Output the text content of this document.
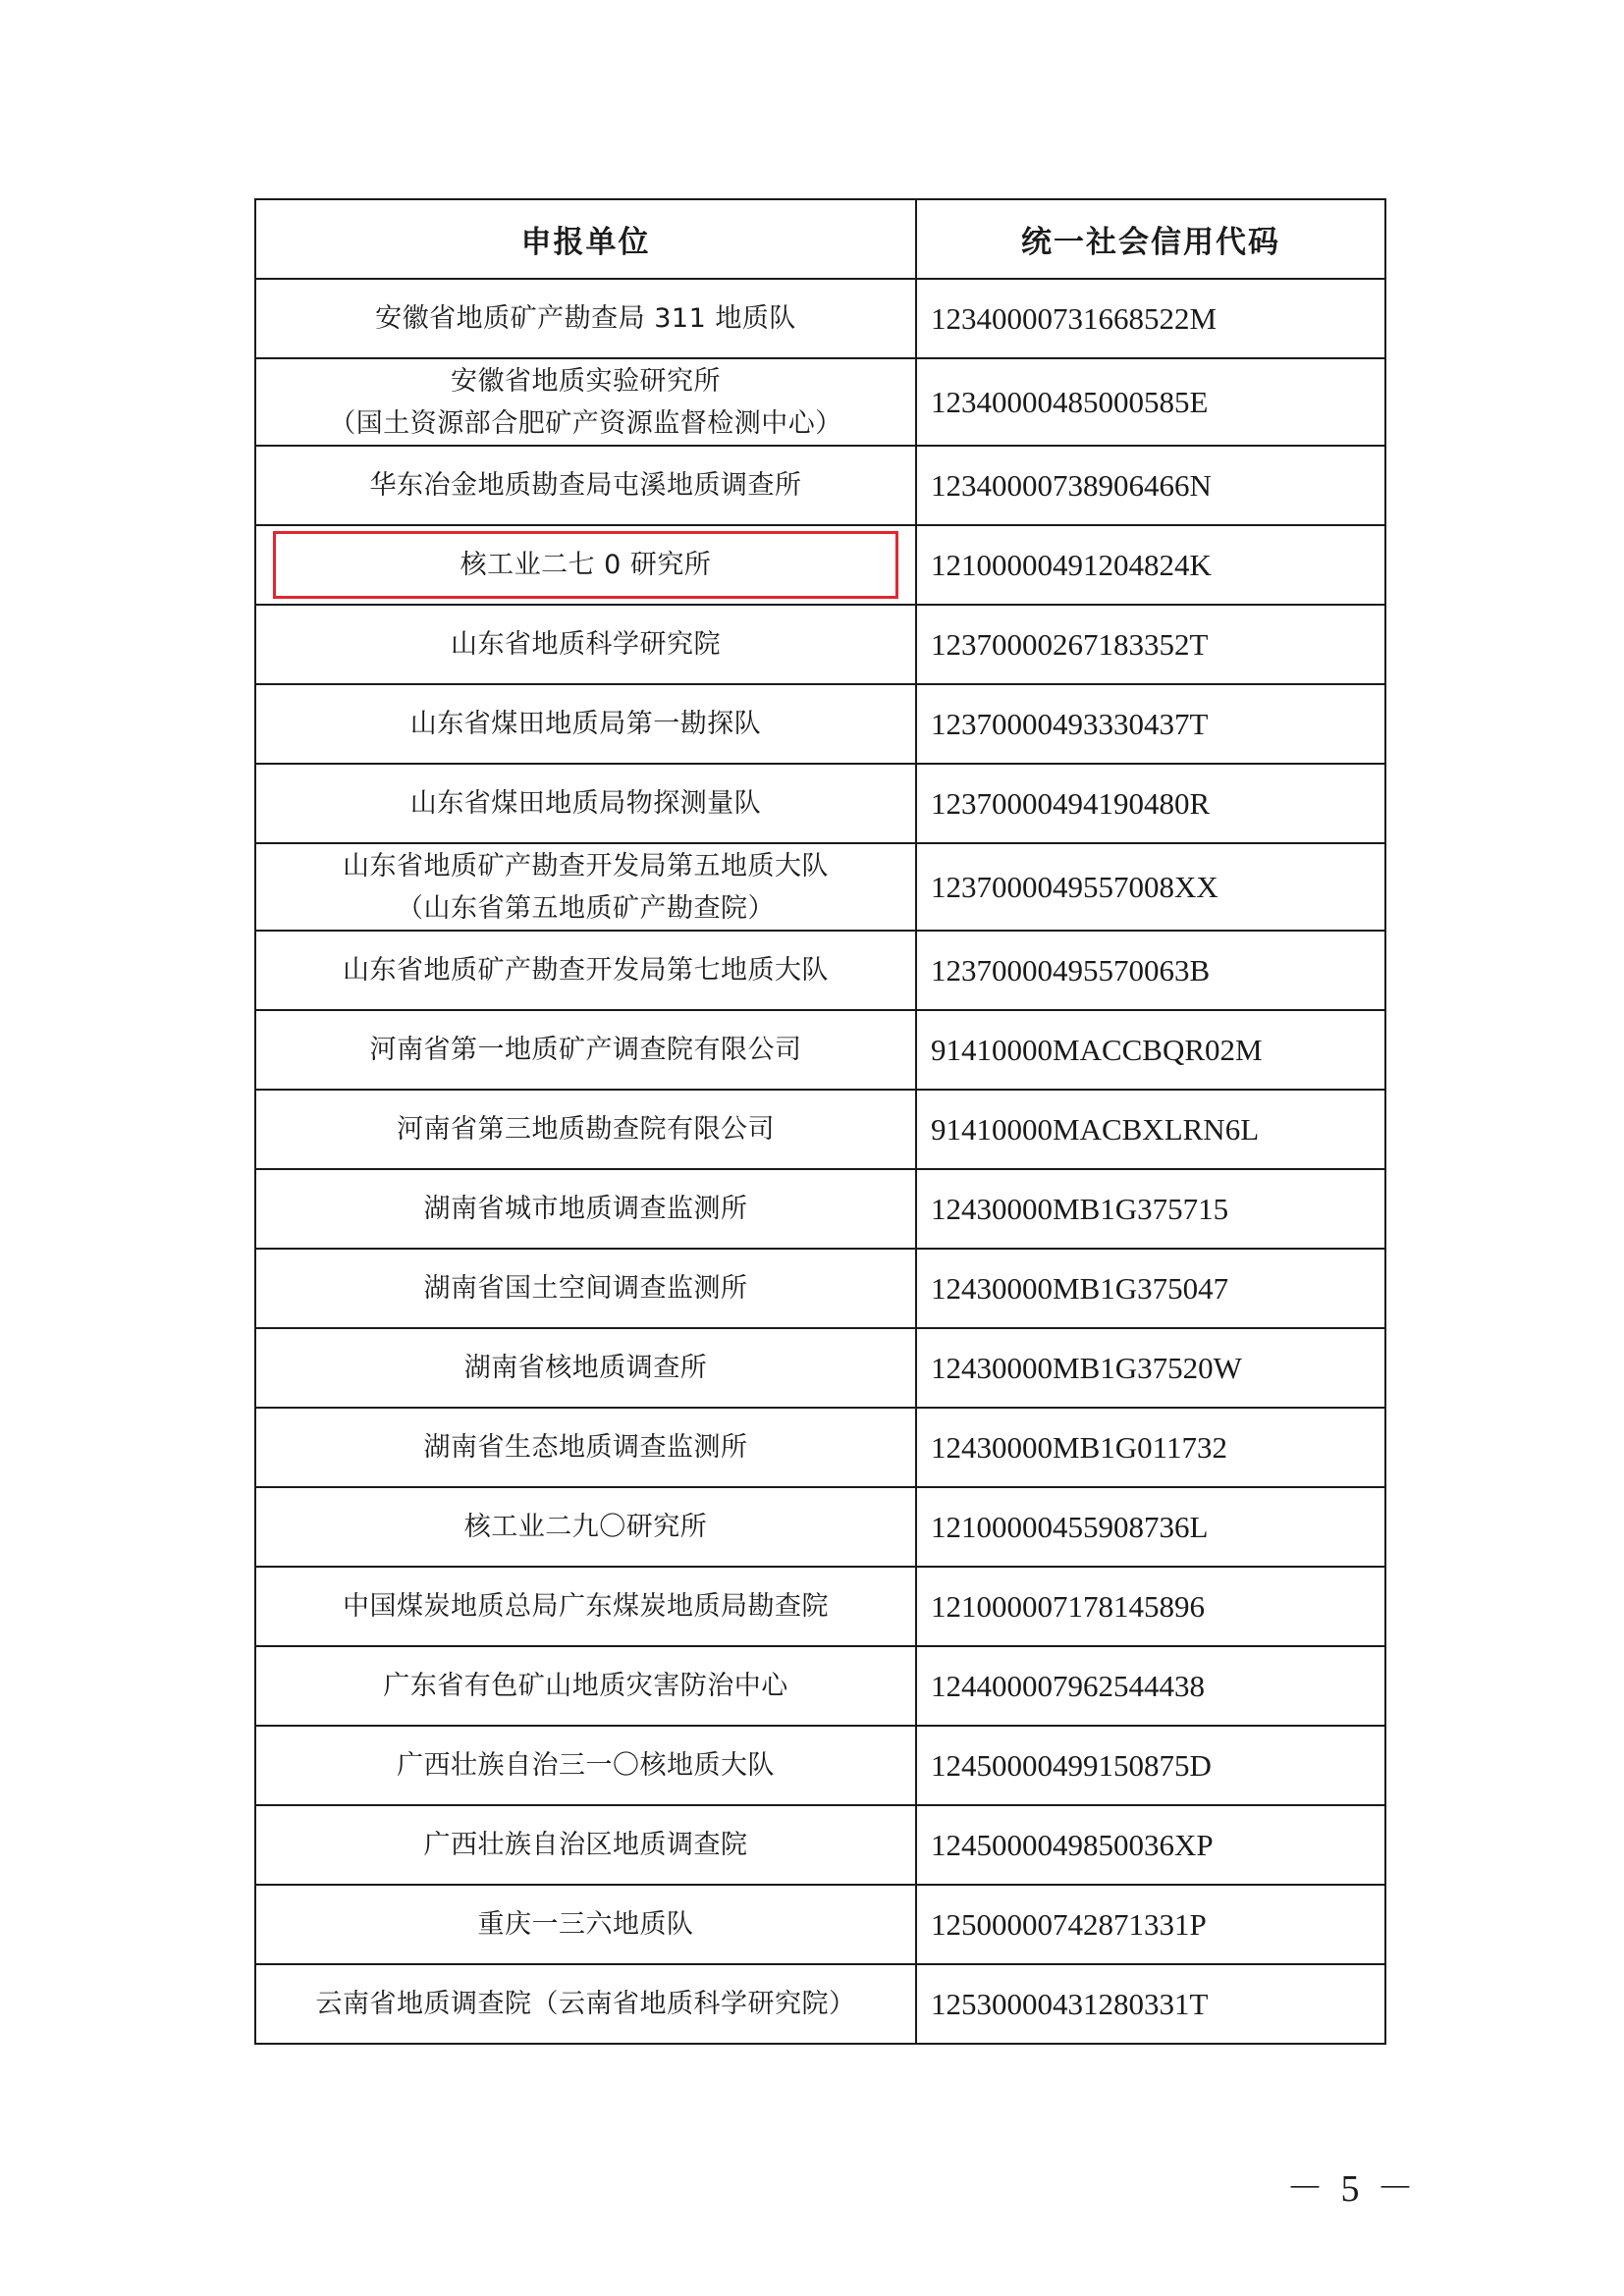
申报单位	统一社会信用代码

安徽省地质矿产勘查局 311 地质队	12340000731668522M

安徽省地质实验研究所
（国土资源部合肥矿产资源监督检测中心）	12340000485000585E

华东冶金地质勘查局屯溪地质调查所	12340000738906466N

核工业二七 0 研究所	12100000491204824K

山东省地质科学研究院	12370000267183352T

山东省煤田地质局第一勘探队	12370000493330437T

山东省煤田地质局物探测量队	12370000494190480R

山东省地质矿产勘查开发局第五地质大队
（山东省第五地质矿产勘查院）	1237000049557008XX

山东省地质矿产勘查开发局第七地质大队	12370000495570063B

河南省第一地质矿产调查院有限公司	91410000MACCBQR02M

河南省第三地质勘查院有限公司	91410000MACBXLRN6L

湖南省城市地质调查监测所	12430000MB1G375715

湖南省国土空间调查监测所	12430000MB1G375047

湖南省核地质调查所	12430000MB1G37520W

湖南省生态地质调查监测所	12430000MB1G011732

核工业二九〇研究所	12100000455908736L

中国煤炭地质总局广东煤炭地质局勘查院	121000007178145896

广东省有色矿山地质灾害防治中心	124400007962544438

广西壮族自治三一〇核地质大队	12450000499150875D

广西壮族自治区地质调查院	1245000049850036XP

重庆一三六地质队	12500000742871331P

云南省地质调查院（云南省地质科学研究院）	12530000431280331T
－ 5 －
